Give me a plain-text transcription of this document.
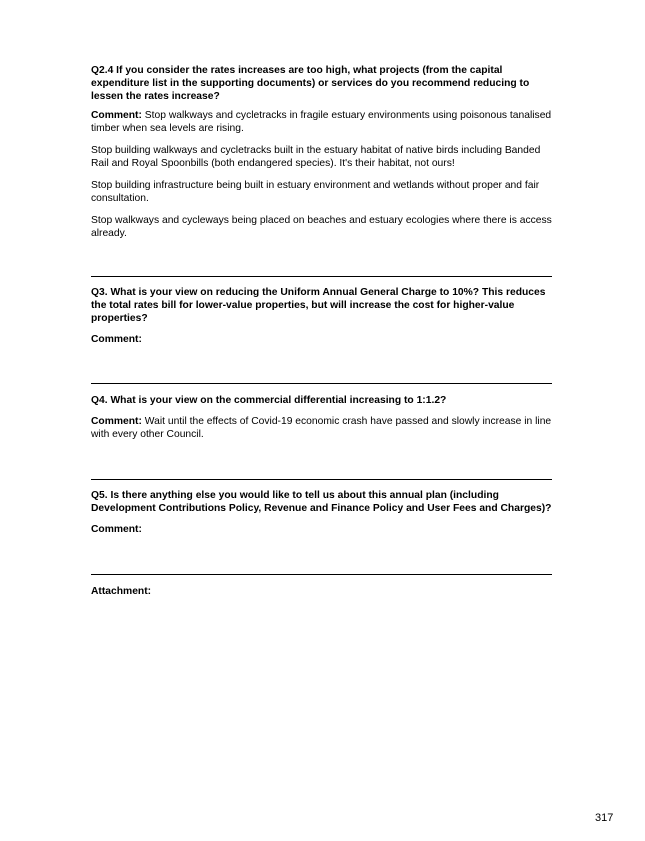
Q2.4 If you consider the rates increases are too high, what projects (from the capital expenditure list in the supporting documents) or services do you recommend reducing to lessen the rates increase?

Comment: Stop walkways and cycletracks in fragile estuary environments using poisonous tanalised timber when sea levels are rising.

Stop building walkways and cycletracks built in the estuary habitat of native birds including Banded Rail and Royal Spoonbills (both endangered species). It's their habitat, not ours!

Stop building infrastructure being built in estuary environment and wetlands without proper and fair consultation.

Stop walkways and cycleways being placed on beaches and estuary ecologies where there is access already.

Q3. What is your view on reducing the Uniform Annual General Charge to 10%? This reduces the total rates bill for lower-value properties, but will increase the cost for higher-value properties?

Comment:

Q4. What is your view on the commercial differential increasing to 1:1.2?

Comment: Wait until the effects of Covid-19 economic crash have passed and slowly increase in line with every other Council.

Q5. Is there anything else you would like to tell us about this annual plan (including Development Contributions Policy, Revenue and Finance Policy and User Fees and Charges)?

Comment:

Attachment:

317
